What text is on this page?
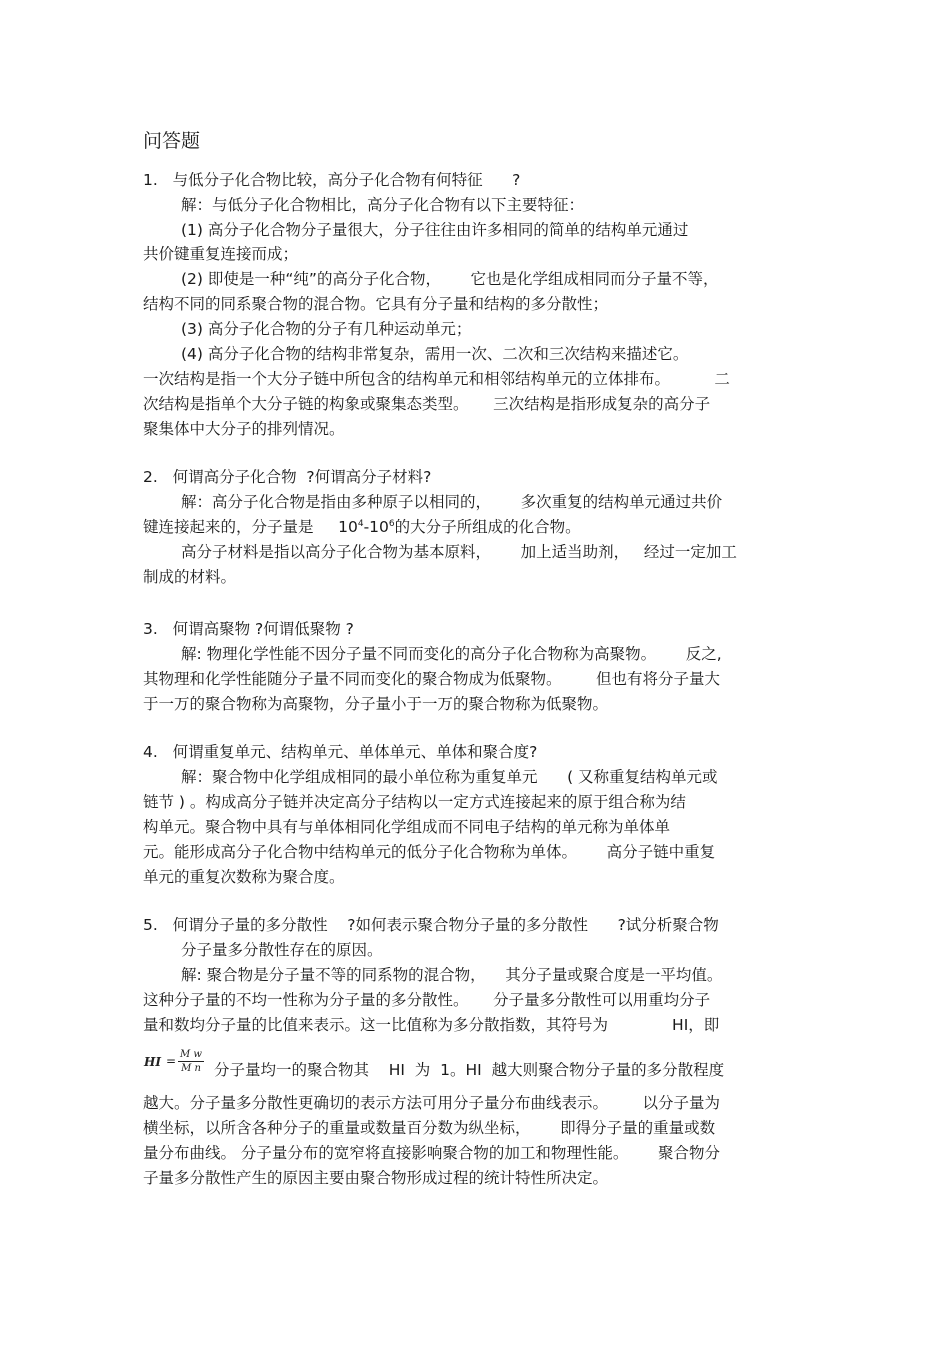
问答题
1.   与低分子化合物比较，高分子化合物有何特征      ?
解：与低分子化合物相比，高分子化合物有以下主要特征：
(1) 高分子化合物分子量很大，分子往往由许多相同的简单的结构单元通过
共价键重复连接而成；
(2) 即使是一种“纯”的高分子化合物，      它也是化学组成相同而分子量不等，
结构不同的同系聚合物的混合物。它具有分子量和结构的多分散性；
(3) 高分子化合物的分子有几种运动单元；
(4) 高分子化合物的结构非常复杂，需用一次、二次和三次结构来描述它。
一次结构是指一个大分子链中所包含的结构单元和相邻结构单元的立体排布。         二
次结构是指单个大分子链的构象或聚集态类型。     三次结构是指形成复杂的高分子
聚集体中大分子的排列情况。
2.   何谓高分子化合物  ?何谓高分子材料?
解：高分子化合物是指由多种原子以相同的，      多次重复的结构单元通过共价
键连接起来的，分子量是     $10^4-10^6$的大分子所组成的化合物。
高分子材料是指以高分子化合物为基本原料，      加上适当助剂，   经过一定加工
制成的材料。
3.   何谓高聚物 ?何谓低聚物 ?
解: 物理化学性能不因分子量不同而变化的高分子化合物称为高聚物。      反之,
其物理和化学性能随分子量不同而变化的聚合物成为低聚物。       但也有将分子量大
于一万的聚合物称为高聚物，分子量小于一万的聚合物称为低聚物。
4.   何谓重复单元、结构单元、单体单元、单体和聚合度?
解：聚合物中化学组成相同的最小单位称为重复单元      ( 又称重复结构单元或
链节 ) 。构成高分子链并决定高分子结构以一定方式连接起来的原于组合称为结
构单元。聚合物中具有与单体相同化学组成而不同电子结构的单元称为单体单
元。能形成高分子化合物中结构单元的低分子化合物称为单体。      高分子链中重复
单元的重复次数称为聚合度。
5.   何谓分子量的多分散性    ?如何表示聚合物分子量的多分散性      ?试分析聚合物
分子量多分散性存在的原因。
解: 聚合物是分子量不等的同系物的混合物，    其分子量或聚合度是一平均值。
这种分子量的不均一性称为分子量的多分散性。     分子量多分散性可以用重均分子
量和数均分子量的比值来表示。这一比值称为多分散指数，其符号为             HI，即
HI = M w
M n 分子量均一的聚合物其    HI  为  1。HI  越大则聚合物分子量的多分散程度
越大。分子量多分散性更确切的表示方法可用分子量分布曲线表示。       以分子量为
横坐标，以所含各种分子的重量或数量百分数为纵坐标，      即得分子量的重量或数
量分布曲线。 分子量分布的宽窄将直接影响聚合物的加工和物理性能。      聚合物分
子量多分散性产生的原因主要由聚合物形成过程的统计特性所决定。
